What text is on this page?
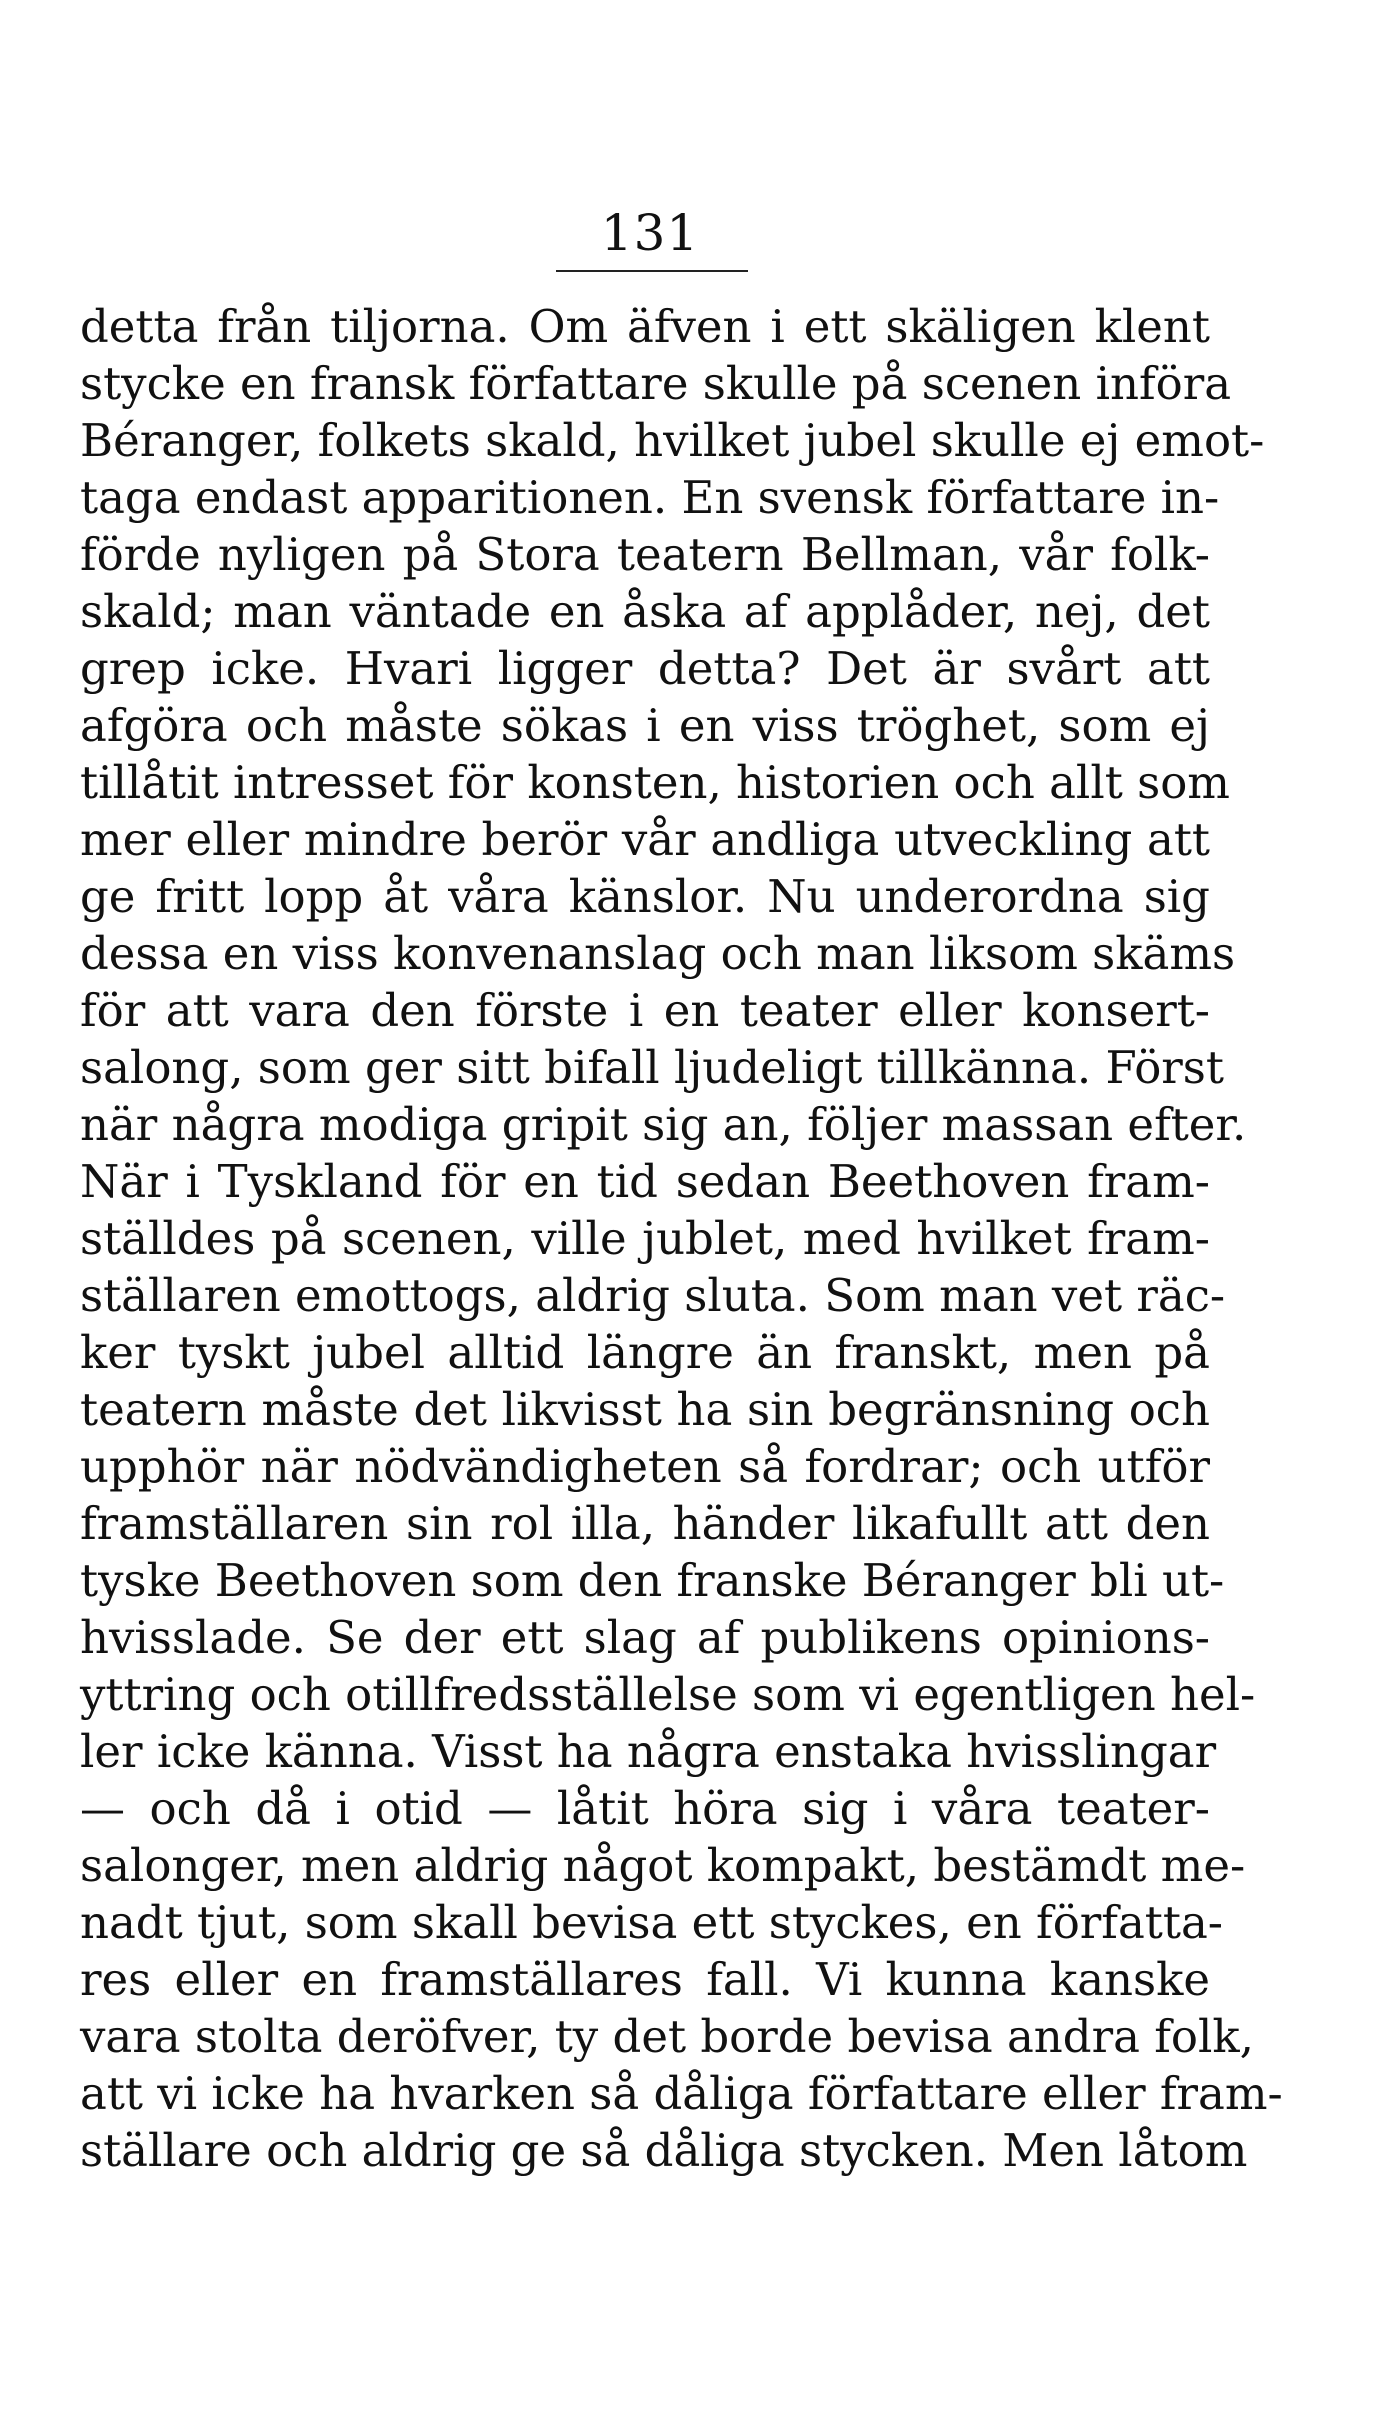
131
detta från tiljorna. Om äfven i ett skäligen klent
stycke en fransk författare skulle på scenen införa
Béranger, folkets skald, hvilket jubel skulle ej emot-
taga endast apparitionen. En svensk författare in-
förde nyligen på Stora teatern Bellman, vår folk-
skald; man väntade en åska af applåder, nej, det
grep icke. Hvari ligger detta? Det är svårt att
afgöra och måste sökas i en viss tröghet, som ej
tillåtit intresset för konsten, historien och allt som
mer eller mindre berör vår andliga utveckling att
ge fritt lopp åt våra känslor. Nu underordna sig
dessa en viss konvenanslag och man liksom skäms
för att vara den förste i en teater eller konsert-
salong, som ger sitt bifall ljudeligt tillkänna. Först
när några modiga gripit sig an, följer massan efter.
När i Tyskland för en tid sedan Beethoven fram-
ställdes på scenen, ville jublet, med hvilket fram-
ställaren emottogs, aldrig sluta. Som man vet räc-
ker tyskt jubel alltid längre än franskt, men på
teatern måste det likvisst ha sin begränsning och
upphör när nödvändigheten så fordrar; och utför
framställaren sin rol illa, händer likafullt att den
tyske Beethoven som den franske Béranger bli ut-
hvisslade. Se der ett slag af publikens opinions-
yttring och otillfredsställelse som vi egentligen hel-
ler icke känna. Visst ha några enstaka hvisslingar
— och då i otid — låtit höra sig i våra teater-
salonger, men aldrig något kompakt, bestämdt me-
nadt tjut, som skall bevisa ett styckes, en författa-
res eller en framställares fall. Vi kunna kanske
vara stolta deröfver, ty det borde bevisa andra folk,
att vi icke ha hvarken så dåliga författare eller fram-
ställare och aldrig ge så dåliga stycken. Men låtom
